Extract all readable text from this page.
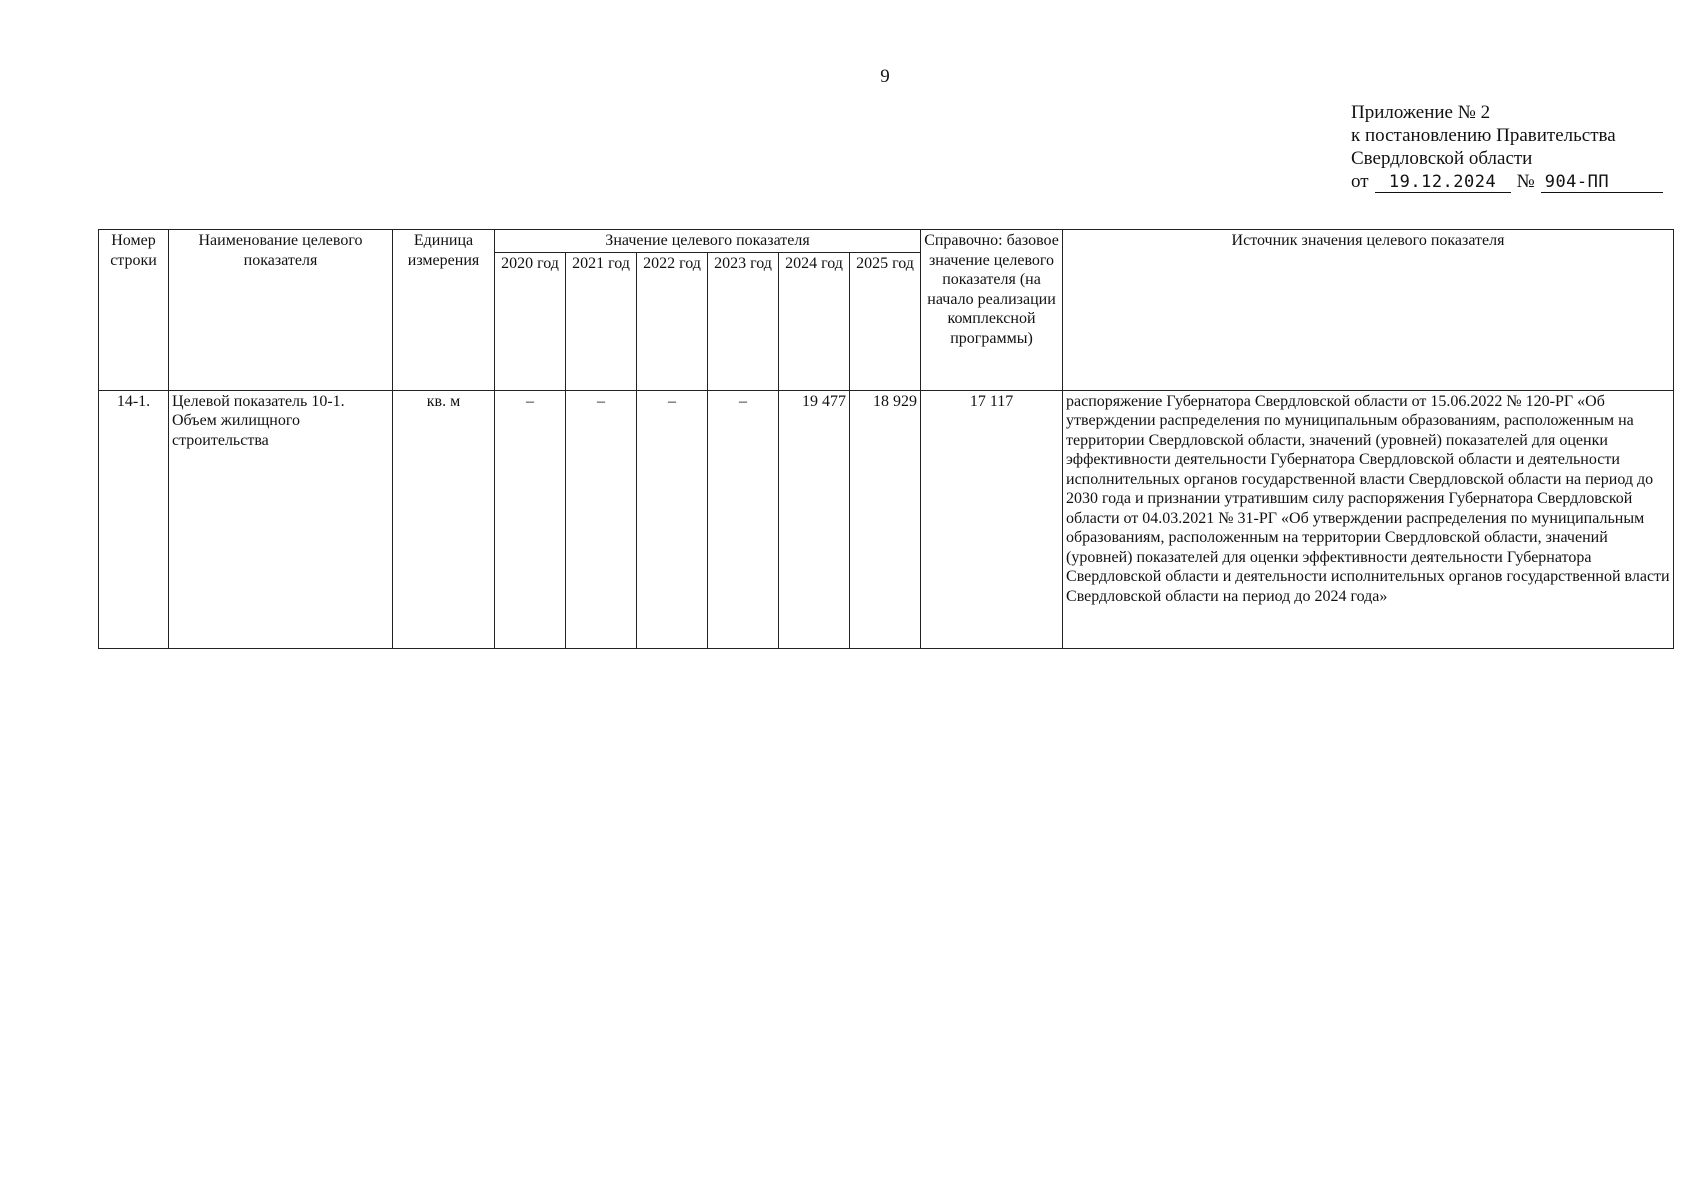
9
Приложение № 2
к постановлению Правительства
Свердловской области
от	19.12.2024	№ 904-ПП
Номер строки	Наименование целевого показателя	Единица измерения	Значение целевого показателя						Справочно: базовое значение целевого показателя (на начало реализации комплексной программы)	Источник значения целевого показателя
			2020 год	2021 год	2022 год	2023 год	2024 год	2025 год		
14-1.	Целевой показатель 10-1. Объем жилищного строительства	кв. м	–	–	–	–	19 477	18 929	17 117	распоряжение Губернатора Свердловской области от 15.06.2022 № 120-РГ «Об утверждении распределения по муниципальным образованиям, расположенным на территории Свердловской области, значений (уровней) показателей для оценки эффективности деятельности Губернатора Свердловской области и деятельности исполнительных органов государственной власти Свердловской области на период до 2030 года и признании утратившим силу распоряжения Губернатора Свердловской области от 04.03.2021 № 31-РГ «Об утверждении распределения по муниципальным образованиям, расположенным на территории Свердловской области, значений (уровней) показателей для оценки эффективности деятельности Губернатора Свердловской области и деятельности исполнительных органов государственной власти Свердловской области на период до 2024 года»
